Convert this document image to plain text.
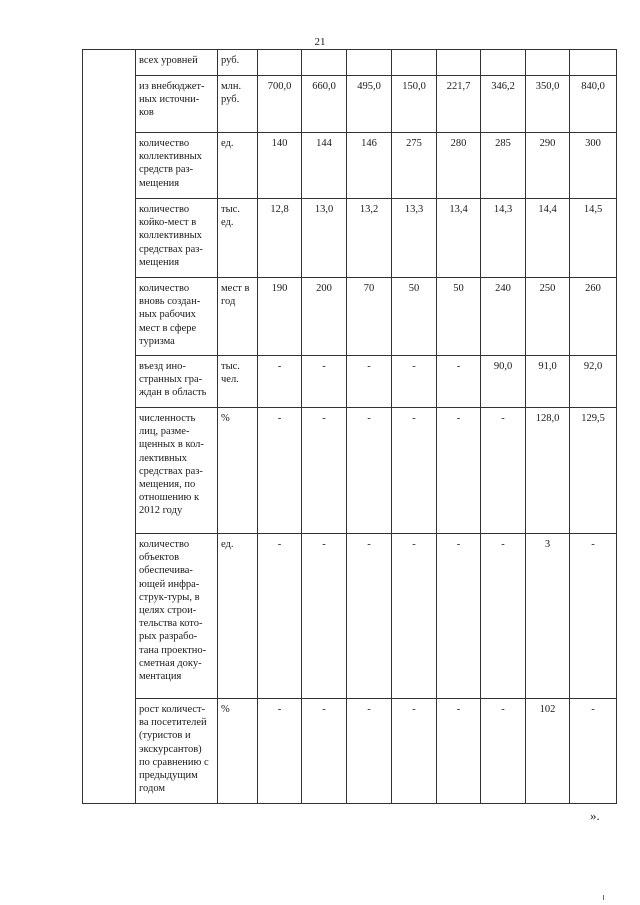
21
	всех уровней	руб.								
	из внебюджет-ных источни-ков	млн. руб.	700,0	660,0	495,0	150,0	221,7	346,2	350,0	840,0
	количество коллективных средств раз-мещения	ед.	140	144	146	275	280	285	290	300
	количество койко-мест в коллективных средствах раз-мещения	тыс. ед.	12,8	13,0	13,2	13,3	13,4	14,3	14,4	14,5
	количество вновь создан-ных рабочих мест в сфере туризма	мест в год	190	200	70	50	50	240	250	260
	въезд ино-странных гра-ждан в область	тыс. чел.	-	-	-	-	-	90,0	91,0	92,0
	численность лиц, разме-щенных в кол-лективных средствах раз-мещения, по отношению к 2012 году	%	-	-	-	-	-	-	128,0	129,5
	количество объектов обеспечива-ющей инфра-струк-туры, в целях строи-тельства кото-рых разрабо-тана проектно-сметная доку-ментация	ед.	-	-	-	-	-	-	3	-
	рост количест-ва посетителей (туристов и экскурсантов) по сравнению с предыдущим годом	%	-	-	-	-	-	-	102	-
».
